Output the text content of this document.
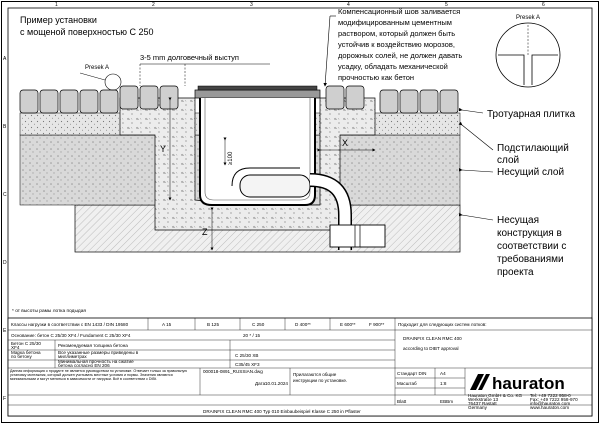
1	2	3	4	5	6
A
B
C
D
E
F
Y
X
Z
≥100
Presek A
3-5 mm долговечный выступ
Пример установки
с мощеной поверхностью С 250
Компенсационный шов заливается
модифицированным цементным
раствором, который должен быть
устойчив к воздействию морозов,
дорожных солей, не должен давать
усадку, обладать механической
прочностью как бетон
Presek A
Тротуарная плитка
Подстилающий
слой
Несущий слой
Несущая
конструкция в
соответствии с
требованиями
проекта
* от высоты рамы лотка подыдая
Классы нагрузки в соответствии с EN 1433 / DIN 19580	A 15	B 125	C 250	D 400**	E 600**	F 900**
Основание: бетон С 25/30 XF4 / Fundament C 25/30 ХF4	20 * / 15
Бетон С 25/30
XF4	Рекомендуемая толщина бетона
Марка бетона
по бетону
Все указанные размеры приведены в
миллиметрах	C 25/30 XB
Минимальная прочность на сжатие
бетона согласно EN 206	C35/45 XF3
Данная информация о продукте не является руководством по установке. Отвечает только за правильную установку монтажник, который должен учитывать местные условия и нормы. Значения являются минимальными и могут меняться в зависимости от нагрузки. Всё в соответствии с DIBt.
Подходит для следующих систем лотков:
DRAINFIX CLEAN RMC 400
according to DIBT approval
000018-0891_RUSSIAN.dwg
Дата:
10.01.2024
Прилагаются общие
инструкции по установке.
Стандарт DIN	A4
Масштаб	1:8
Blatt	EBBm
hauraton
Hauraton GmbH & Co. KG
Werkstraße 13
76437 Rastatt
Germany
Tel: +49 7222 958-0
Fax: +49 7222 958-970
info@hauraton.com
www.hauraton.com
DRAINFIX CLEAN RMC 400 Typ 010 Einbaubeispiel Klasse C 250 in Pflaster
